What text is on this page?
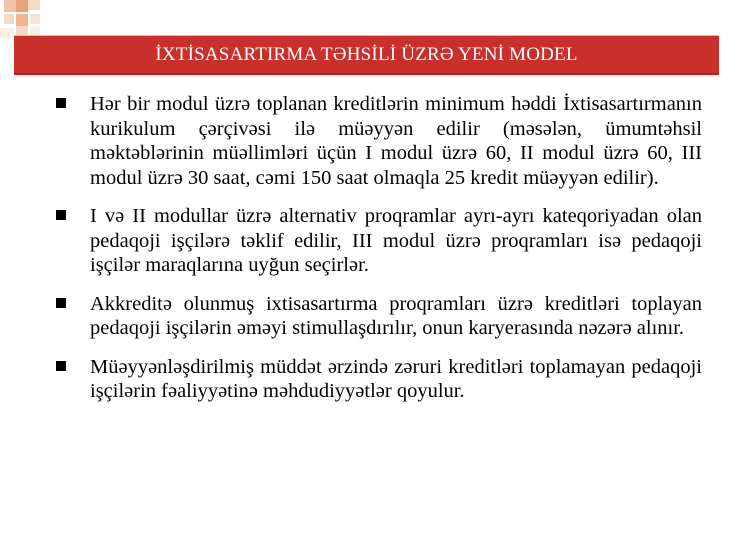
İXTİSASARTIRMA TƏHSİLİ ÜZRƏ YENİ MODEL
Hər bir modul üzrə toplanan kreditlərin minimum həddi İxtisasartırmanın kurikulum çərçivəsi ilə müəyyən edilir (məsələn, ümumtəhsil məktəblərinin müəllimləri üçün I modul üzrə 60, II modul üzrə 60, III modul üzrə 30 saat, cəmi 150 saat olmaqla 25 kredit müəyyən edilir).
I və II modullar üzrə alternativ proqramlar ayrı-ayrı kateqoriyadan olan pedaqoji işçilərə təklif edilir, III modul üzrə proqramları isə pedaqoji işçilər maraqlarına uyğun seçirlər.
Akkreditə olunmuş ixtisasartırma proqramları üzrə kreditləri toplayan pedaqoji işçilərin əməyi stimullaşdırılır, onun karyerasında nəzərə alınır.
Müəyyənləşdirilmiş müddət ərzində zəruri kreditləri toplamayan pedaqoji işçilərin fəaliyyətinə məhdudiyyətlər qoyulur.
